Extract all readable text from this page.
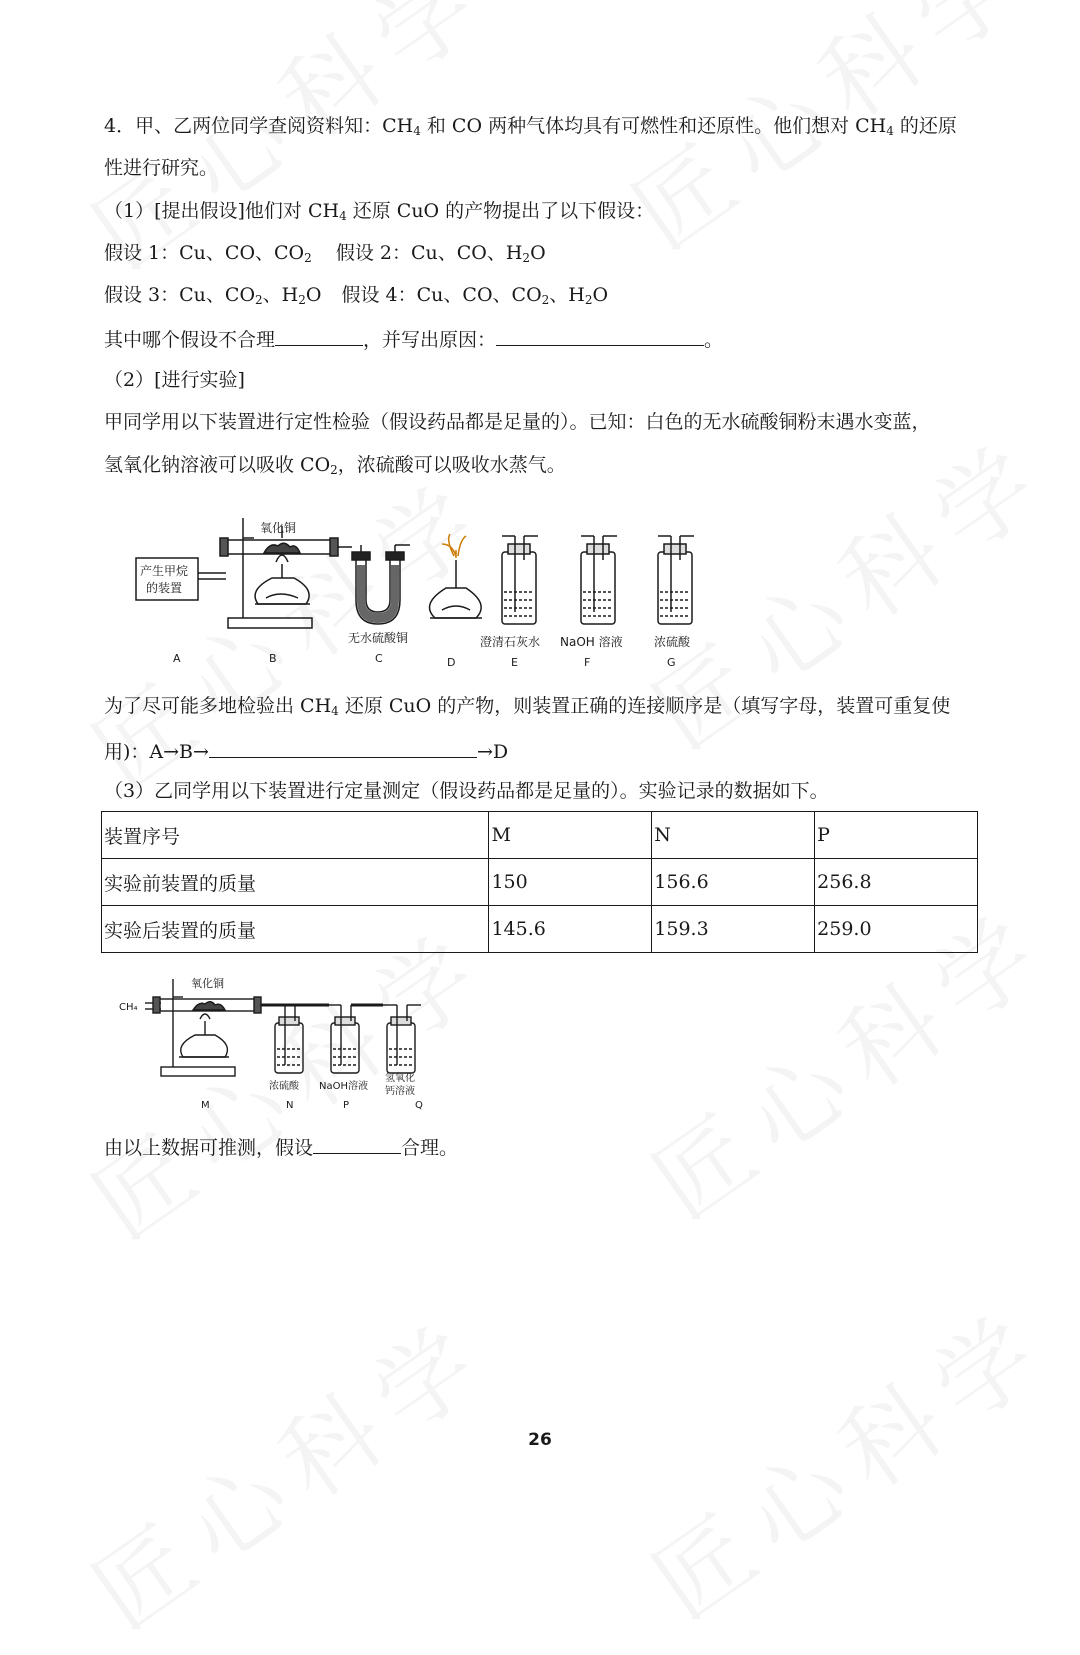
4．甲、乙两位同学查阅资料知：$CH_4$ 和 CO 两种气体均具有可燃性和还原性。他们想对 $CH_4$ 的还原
性进行研究。
（1）[提出假设]他们对 $CH_4$ 还原 CuO 的产物提出了以下假设：
假设 1：Cu、CO、$CO_2$ 假设 2：Cu、CO、$H_2O$
假设 3：Cu、$CO_2$、$H_2O$ 假设 4：Cu、CO、$CO_2$、$H_2O$
其中哪个假设不合理	，并写出原因：	。
（2）[进行实验]
甲同学用以下装置进行定性检验（假设药品都是足量的）。已知：白色的无水硫酸铜粉末遇水变蓝，
氢氧化钠溶液可以吸收 $CO_2$，浓硫酸可以吸收水蒸气。
产生甲烷
的装置
氧化铜
无水硫酸铜	澄清石灰水 NaOH 溶液	浓硫酸
A	B	C	D	E	F	G
为了尽可能多地检验出 $CH_4$ 还原 CuO 的产物，则装置正确的连接顺序是（填写字母，装置可重复使
用)：A→B→	→D
（3）乙同学用以下装置进行定量测定（假设药品都是足量的）。实验记录的数据如下。
装置序号	M	N	P
实验前装置的质量	150	156.6	256.8
实验后装置的质量	145.6	159.3	259.0
CH₄
氧化铜
浓硫酸 NaOH溶液
氢氧化
钙溶液
M	N	P	Q
由以上数据可推测，假设	合理。
26
